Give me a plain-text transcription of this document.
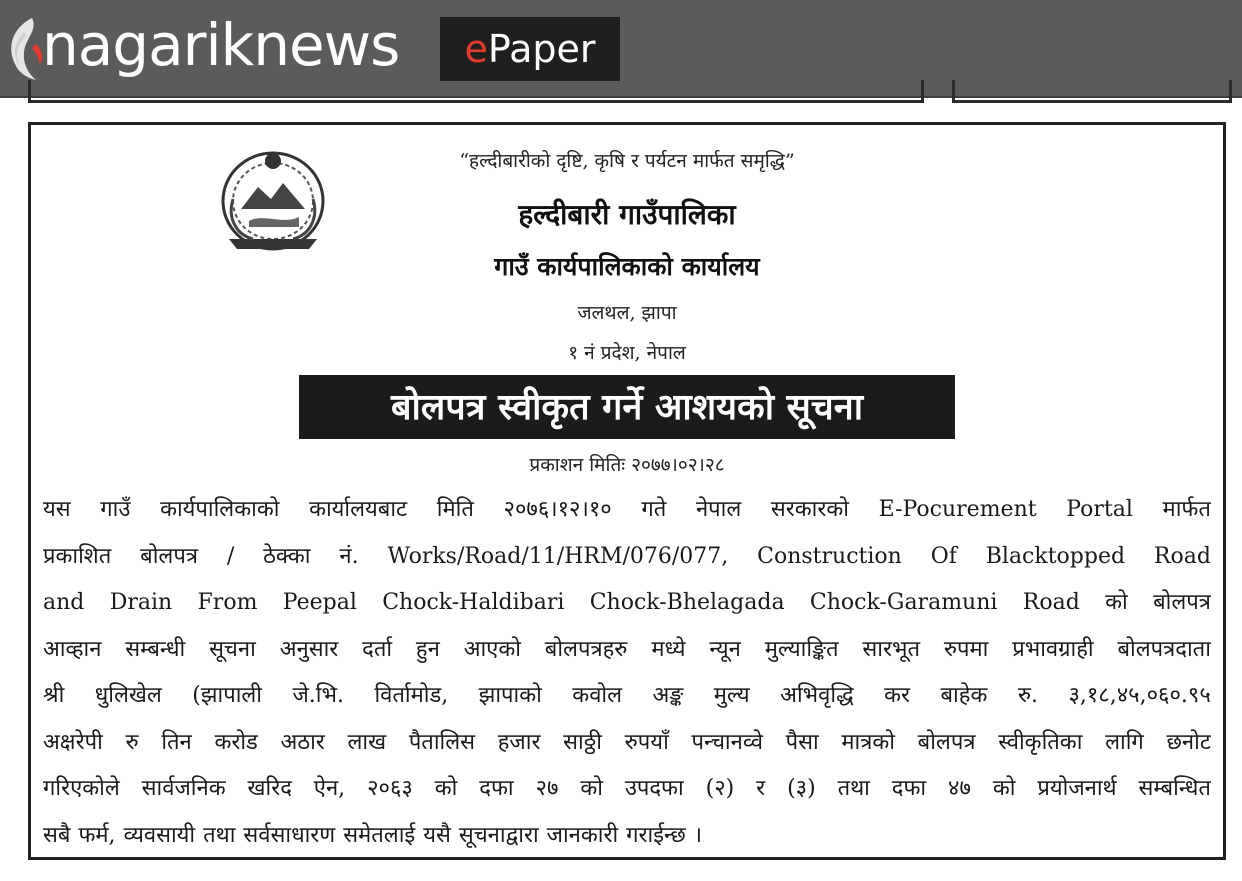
nagariknews e Paper
“हल्दीबारीको दृष्टि, कृषि र पर्यटन मार्फत समृद्धि”
हल्दीबारी गाउँपालिका
गाउँ कार्यपालिकाको कार्यालय
जलथल, झापा
१ नं प्रदेश, नेपाल
बोलपत्र स्वीकृत गर्ने आशयको सूचना
प्रकाशन मितिः २०७७।०२।२८
यस गाउँ कार्यपालिकाको कार्यालयबाट मिति २०७६।१२।१० गते नेपाल सरकारको E-Pocurement Portal मार्फत
प्रकाशित बोलपत्र / ठेक्का नं. Works/Road/11/HRM/076/077, Construction Of Blacktopped Road
and Drain From Peepal Chock-Haldibari Chock-Bhelagada Chock-Garamuni Road को बोलपत्र
आव्हान सम्बन्धी सूचना अनुसार दर्ता हुन आएको बोलपत्रहरु मध्ये न्यून मुल्याङ्कित सारभूत रुपमा प्रभावग्राही बोलपत्रदाता
श्री धुलिखेल (झापाली जे.भि. विर्तामोड, झापाको कवोल अङ्क मुल्य अभिवृद्धि कर बाहेक रु. ३,१८,४५,०६०.९५
अक्षरेपी रु तिन करोड अठार लाख पैतालिस हजार साठ्ठी रुपयाँ पन्चानव्वे पैसा मात्रको बोलपत्र स्वीकृतिका लागि छनोट
गरिएकोले सार्वजनिक खरिद ऐन, २०६३ को दफा २७ को उपदफा (२) र (३) तथा दफा ४७ को प्रयोजनार्थ सम्बन्धित
सबै फर्म, व्यवसायी तथा सर्वसाधारण समेतलाई यसै सूचनाद्वारा जानकारी गराईन्छ ।
